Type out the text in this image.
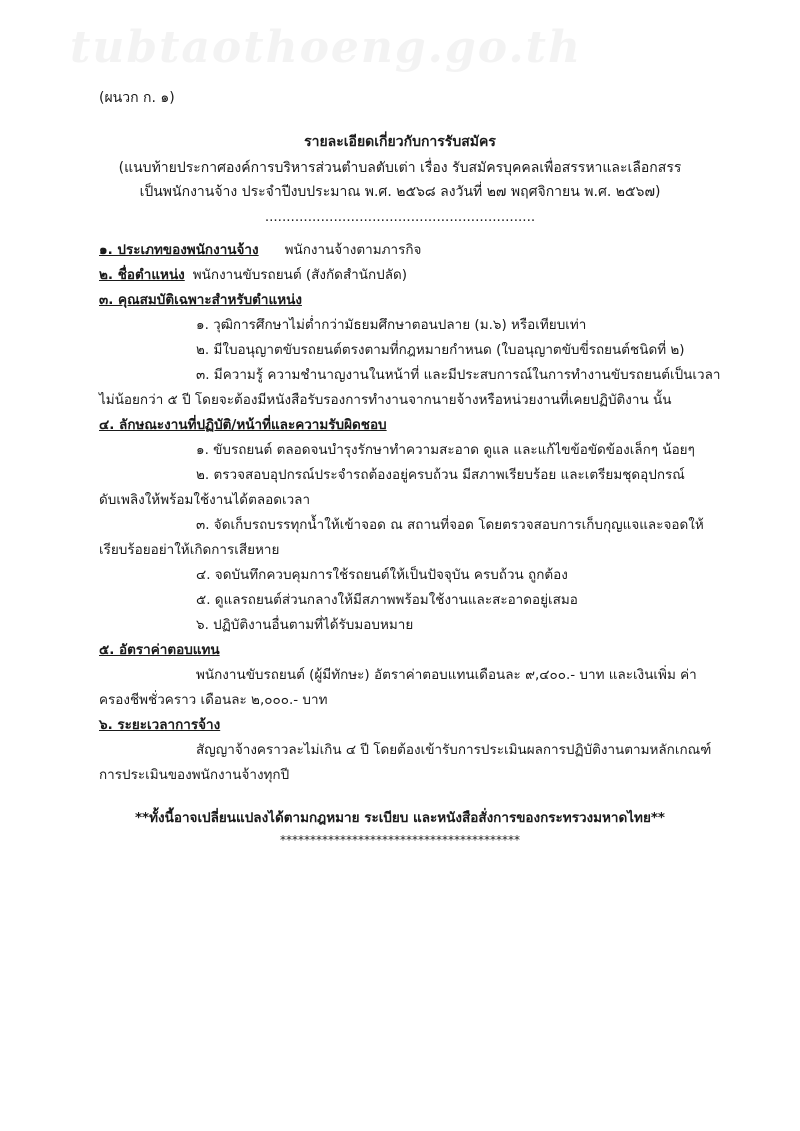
tubtaothoeng.go.th
(ผนวก ก. ๑)
รายละเอียดเกี่ยวกับการรับสมัคร
(แนบท้ายประกาศองค์การบริหารส่วนตำบลตับเต่า เรื่อง รับสมัครบุคคลเพื่อสรรหาและเลือกสรร
เป็นพนักงานจ้าง ประจำปีงบประมาณ พ.ศ. ๒๕๖๘ ลงวันที่ ๒๗ พฤศจิกายน พ.ศ. ๒๕๖๗)
...............................................................
๑. ประเภทของพนักงานจ้าง พนักงานจ้างตามภารกิจ
๒. ชื่อตำแหน่ง พนักงานขับรถยนต์ (สังกัดสำนักปลัด)
๓. คุณสมบัติเฉพาะสำหรับตำแหน่ง
๑. วุฒิการศึกษาไม่ต่ำกว่ามัธยมศึกษาตอนปลาย (ม.๖) หรือเทียบเท่า
๒. มีใบอนุญาตขับรถยนต์ตรงตามที่กฎหมายกำหนด (ใบอนุญาตขับขี่รถยนต์ชนิดที่ ๒)
๓. มีความรู้ ความชำนาญงานในหน้าที่ และมีประสบการณ์ในการทำงานขับรถยนต์เป็นเวลา
ไม่น้อยกว่า ๕ ปี โดยจะต้องมีหนังสือรับรองการทำงานจากนายจ้างหรือหน่วยงานที่เคยปฏิบัติงาน นั้น
๔. ลักษณะงานที่ปฏิบัติ/หน้าที่และความรับผิดชอบ
๑. ขับรถยนต์ ตลอดจนบำรุงรักษาทำความสะอาด ดูแล และแก้ไขข้อขัดข้องเล็กๆ น้อยๆ
๒. ตรวจสอบอุปกรณ์ประจำรถต้องอยู่ครบถ้วน มีสภาพเรียบร้อย และเตรียมชุดอุปกรณ์
ดับเพลิงให้พร้อมใช้งานได้ตลอดเวลา
๓. จัดเก็บรถบรรทุกน้ำให้เข้าจอด ณ สถานที่จอด โดยตรวจสอบการเก็บกุญแจและจอดให้
เรียบร้อยอย่าให้เกิดการเสียหาย
๔. จดบันทึกควบคุมการใช้รถยนต์ให้เป็นปัจจุบัน ครบถ้วน ถูกต้อง
๕. ดูแลรถยนต์ส่วนกลางให้มีสภาพพร้อมใช้งานและสะอาดอยู่เสมอ
๖. ปฏิบัติงานอื่นตามที่ได้รับมอบหมาย
๕. อัตราค่าตอบแทน
พนักงานขับรถยนต์ (ผู้มีทักษะ) อัตราค่าตอบแทนเดือนละ ๙,๔๐๐.- บาท และเงินเพิ่ม ค่า
ครองชีพชั่วคราว เดือนละ ๒,๐๐๐.- บาท
๖. ระยะเวลาการจ้าง
สัญญาจ้างคราวละไม่เกิน ๔ ปี โดยต้องเข้ารับการประเมินผลการปฏิบัติงานตามหลักเกณฑ์
การประเมินของพนักงานจ้างทุกปี
**ทั้งนี้อาจเปลี่ยนแปลงได้ตามกฎหมาย ระเบียบ และหนังสือสั่งการของกระทรวงมหาดไทย**
****************************************
